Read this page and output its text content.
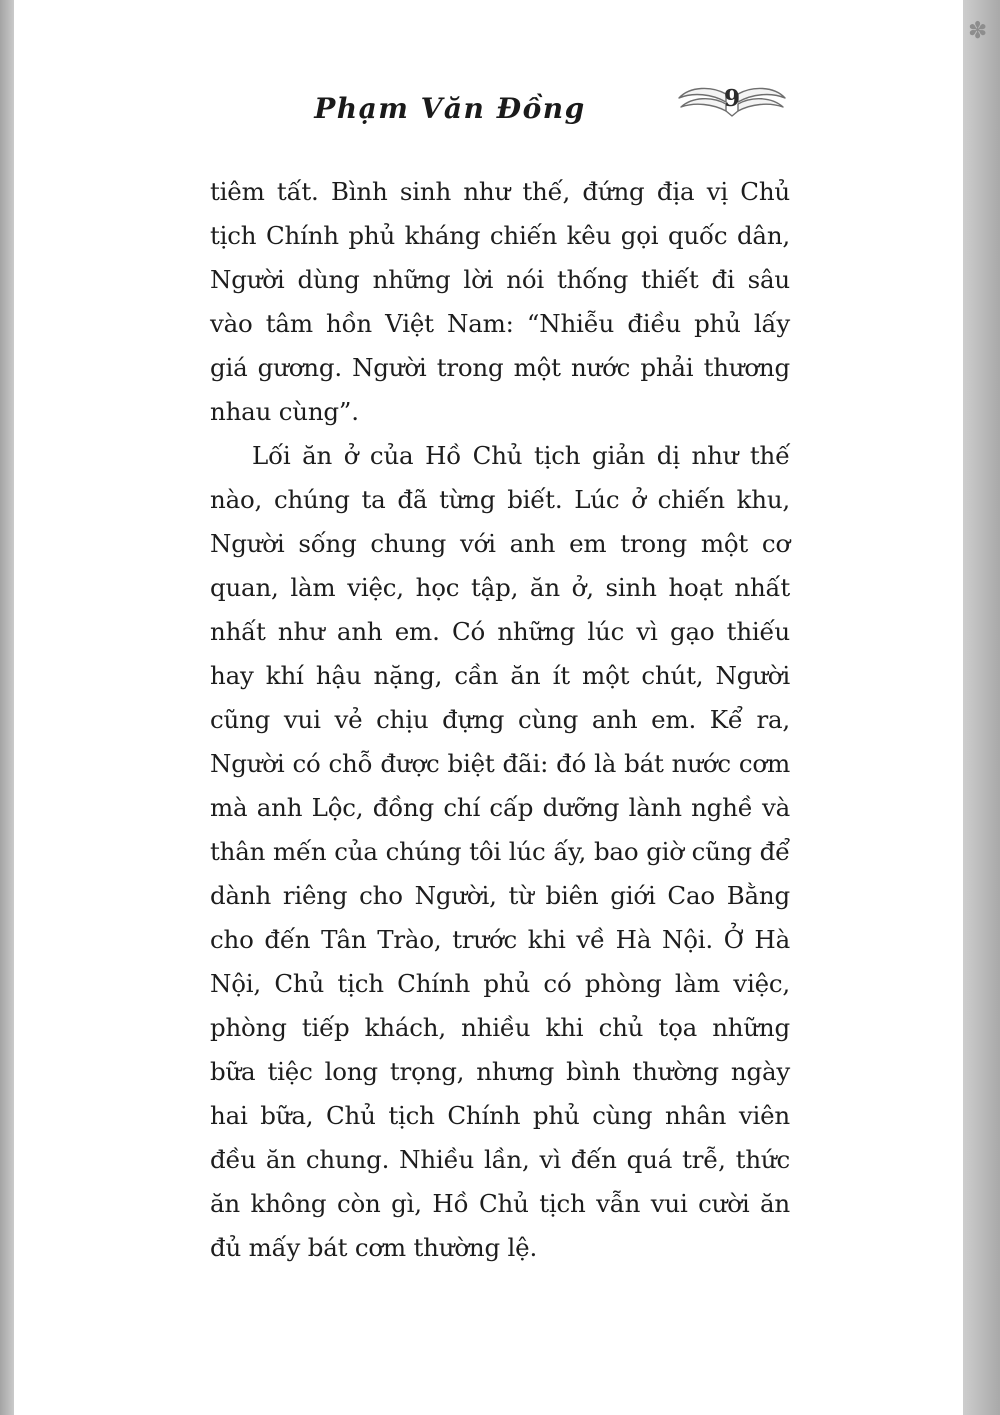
✽
Phạm Văn Đồng	9
tiêm tất. Bình sinh như thế, đứng địa vị Chủ
tịch Chính phủ kháng chiến kêu gọi quốc dân,
Người dùng những lời nói thống thiết đi sâu
vào tâm hồn Việt Nam: “Nhiễu điều phủ lấy
giá gương. Người trong một nước phải thương
nhau cùng”.
Lối ăn ở của Hồ Chủ tịch giản dị như thế
nào, chúng ta đã từng biết. Lúc ở chiến khu,
Người sống chung với anh em trong một cơ
quan, làm việc, học tập, ăn ở, sinh hoạt nhất
nhất như anh em. Có những lúc vì gạo thiếu
hay khí hậu nặng, cần ăn ít một chút, Người
cũng vui vẻ chịu đựng cùng anh em. Kể ra,
Người có chỗ được biệt đãi: đó là bát nước cơm
mà anh Lộc, đồng chí cấp dưỡng lành nghề và
thân mến của chúng tôi lúc ấy, bao giờ cũng để
dành riêng cho Người, từ biên giới Cao Bằng
cho đến Tân Trào, trước khi về Hà Nội. Ở Hà
Nội, Chủ tịch Chính phủ có phòng làm việc,
phòng tiếp khách, nhiều khi chủ tọa những
bữa tiệc long trọng, nhưng bình thường ngày
hai bữa, Chủ tịch Chính phủ cùng nhân viên
đều ăn chung. Nhiều lần, vì đến quá trễ, thức
ăn không còn gì, Hồ Chủ tịch vẫn vui cười ăn
đủ mấy bát cơm thường lệ.
